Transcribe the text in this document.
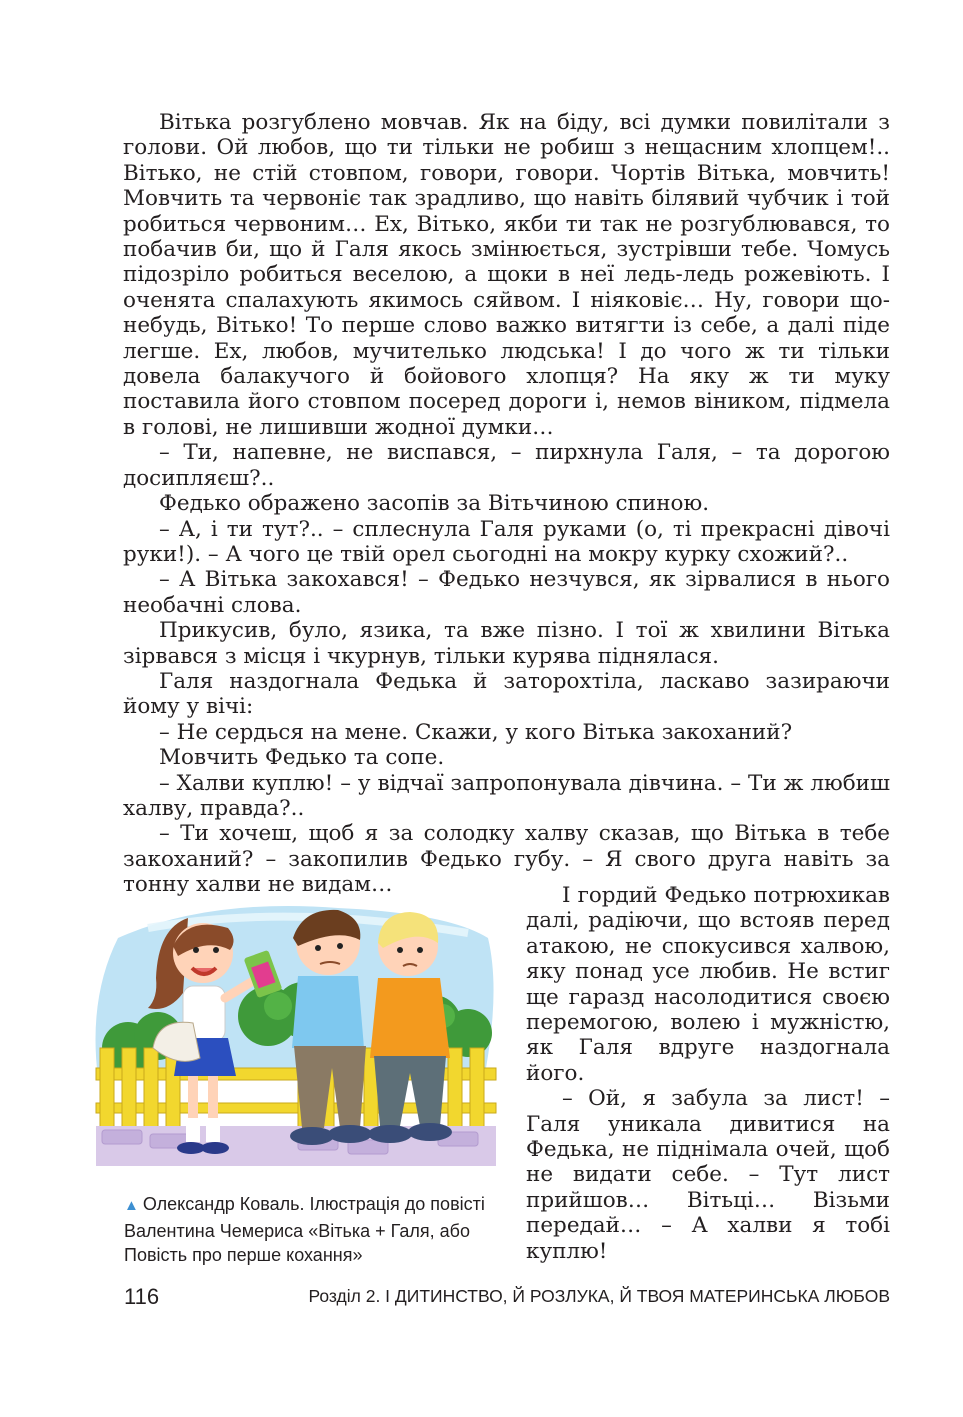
Вітька розгублено мовчав. Як на біду, всі думки повилітали з голови. Ой любов, що ти тільки не робиш з нещасним хлопцем!.. Вітько, не стій стовпом, говори, говори. Чортів Вітька, мовчить! Мовчить та червоніє так зрадливо, що навіть білявий чубчик і той робиться червоним… Ех, Вітько, якби ти так не розгублювався, то побачив би, що й Галя якось змінюється, зустрівши тебе. Чомусь підозріло робиться веселою, а щоки в неї ледь-ледь рожевіють. І оченята спалахують якимось сяйвом. І ніяковіє… Ну, говори що-небудь, Вітько! То перше слово важко витягти із себе, а далі піде легше. Ех, любов, мучителько людська! І до чого ж ти тільки довела балакучого й бойового хлопця? На яку ж ти муку поставила його стовпом посеред дороги і, немов віником, підмела в голові, не лишивши жодної думки…

– Ти, напевне, не виспався, – пирхнула Галя, – та дорогою досипляєш?..

Федько ображено засопів за Вітьчиною спиною.

– А, і ти тут?.. – сплеснула Галя руками (о, ті прекрасні дівочі руки!). – А чого це твій орел сьогодні на мокру курку схожий?..

– А Вітька закохався! – Федько незчувся, як зірвалися в нього необачні слова.

Прикусив, було, язика, та вже пізно. І тої ж хвилини Вітька зірвався з місця і чкурнув, тільки курява піднялася.

Галя наздогнала Федька й заторохтіла, ласкаво зазираючи йому у вічі:

– Не сердься на мене. Скажи, у кого Вітька закоханий?

Мовчить Федько та сопе.

– Халви куплю! – у відчаї запропонувала дівчина. – Ти ж любиш халву, правда?..

– Ти хочеш, щоб я за солодку халву сказав, що Вітька в тебе закоханий? – закопилив Федько губу. – Я свого друга навіть за тонну халви не видам…

▲ Олександр Коваль. Ілюстрація до повісті Валентина Чемериса «Вітька + Галя, або Повість про перше кохання»

І гордий Федько потрюхикав далі, радіючи, що встояв перед атакою, не спокусився халвою, яку понад усе любив. Не встиг ще гаразд насолодитися своєю перемогою, волею і мужністю, як Галя вдруге наздогнала його.

– Ой, я забула за лист! – Галя уникала дивитися на Федька, не піднімала очей, щоб не видати себе. – Тут лист прийшов… Вітьці… Візьми передай… – А халви я тобі куплю!

116	Розділ 2. І ДИТИНСТВО, Й РОЗЛУКА, Й ТВОЯ МАТЕРИНСЬКА ЛЮБОВ
